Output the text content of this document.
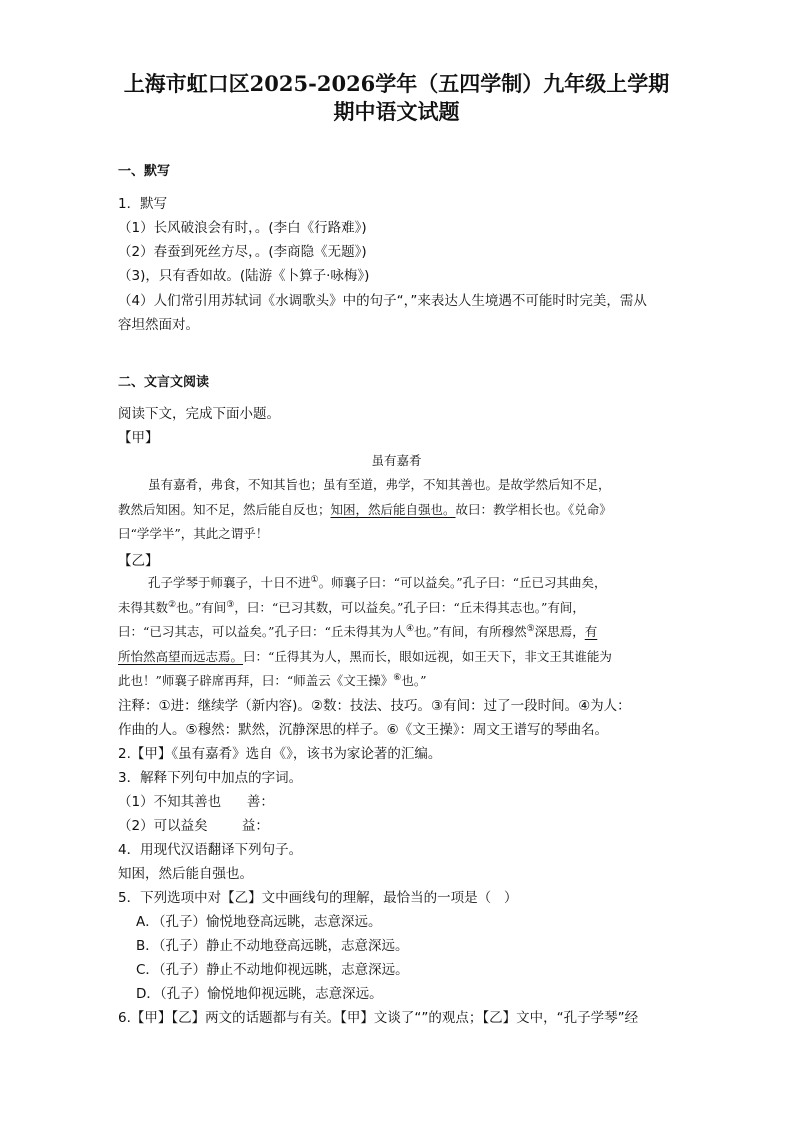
上海市虹口区2025-2026学年（五四学制）九年级上学期
期中语文试题
一、默写
1．默写
（1）长风破浪会有时，。(李白《行路难》)
（2）春蚕到死丝方尽，。(李商隐《无题》)
（3)，只有香如故。(陆游《卜算子·咏梅》)
（4）人们常引用苏轼词《水调歌头》中的句子“，”来表达人生境遇不可能时时完美，需从
容坦然面对。
二、文言文阅读
阅读下文，完成下面小题。
【甲】
虽有嘉肴
虽有嘉肴，弗食，不知其旨也；虽有至道，弗学，不知其善也。是故学然后知不足，
教然后知困。知不足，然后能自反也；知困，然后能自强也。故曰：教学相长也。《兑命》
曰“学学半”，其此之谓乎！
【乙】
孔子学琴于师襄子，十日不进①。师襄子曰：“可以益矣。”孔子曰：“丘已习其曲矣，
未得其数②也。”有间③，曰：“已习其数，可以益矣。”孔子曰：“丘未得其志也。”有间，
曰：“已习其志，可以益矣。”孔子曰：“丘未得其为人④也。”有间，有所穆然⑤深思焉，有
所怡然高望而远志焉。曰：“丘得其为人，黑而长，眼如远视，如王天下，非文王其谁能为
此也！”师襄子辟席再拜，曰：“师盖云《文王操》⑥也。”
注释：①进：继续学（新内容)。②数：技法、技巧。③有间：过了一段时间。④为人：
作曲的人。⑤穆然：默然，沉静深思的样子。⑥《文王操》：周文王谱写的琴曲名。
2.【甲】《虽有嘉肴》选自《》，该书为家论著的汇编。
3．解释下列句中加点的字词。
（1）不知其善也      善：
（2）可以益矣        益：
4．用现代汉语翻译下列句子。
知困，然后能自强也。
5．下列选项中对【乙】文中画线句的理解，最恰当的一项是（   ）
A．（孔子）愉悦地登高远眺，志意深远。
B．（孔子）静止不动地登高远眺，志意深远。
C．（孔子）静止不动地仰视远眺，志意深远。
D．（孔子）愉悦地仰视远眺，志意深远。
6.【甲】【乙】两文的话题都与有关。【甲】文谈了“”的观点；【乙】文中，“孔子学琴”经
